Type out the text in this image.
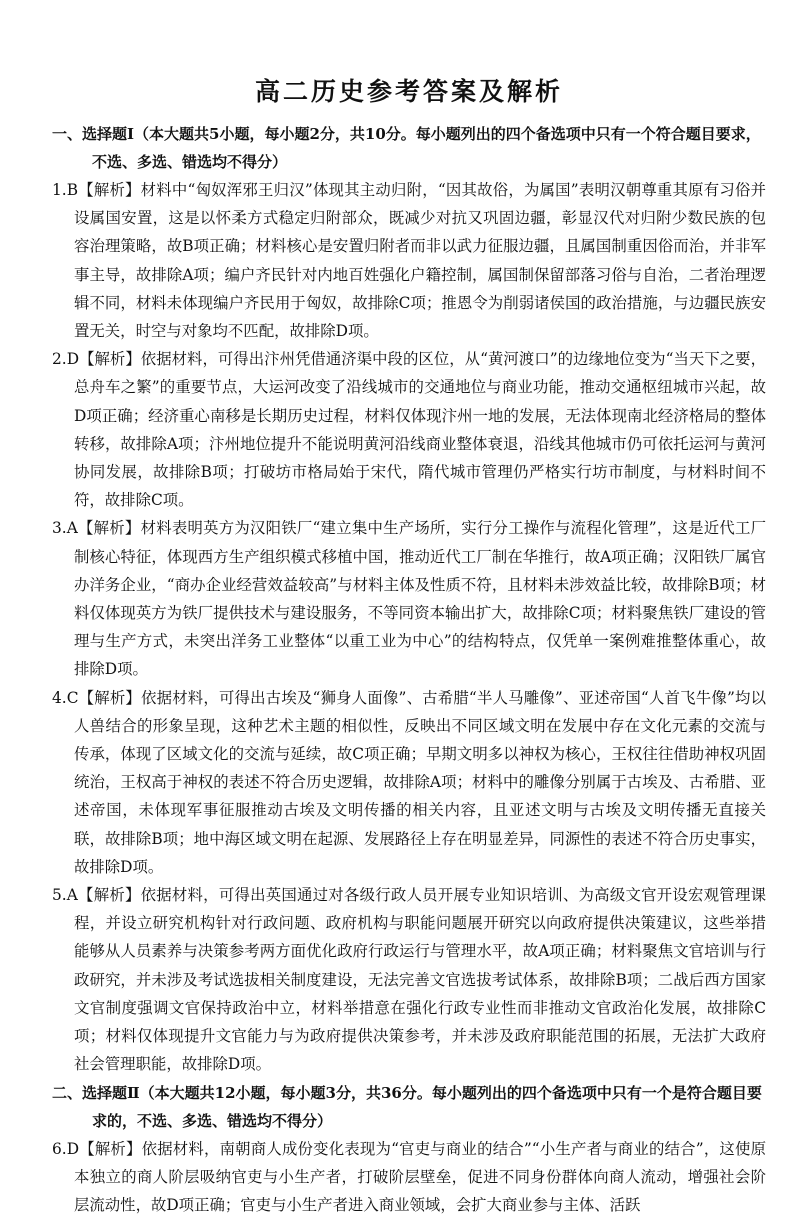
高二历史参考答案及解析

一、选择题Ⅰ（本大题共5小题，每小题2分，共10分。每小题列出的四个备选项中只有一个符合题目要求，不选、多选、错选均不得分）

1.B【解析】材料中“匈奴浑邪王归汉”体现其主动归附，“因其故俗，为属国”表明汉朝尊重其原有习俗并设属国安置，这是以怀柔方式稳定归附部众，既减少对抗又巩固边疆，彰显汉代对归附少数民族的包容治理策略，故B项正确；材料核心是安置归附者而非以武力征服边疆，且属国制重因俗而治，并非军事主导，故排除A项；编户齐民针对内地百姓强化户籍控制，属国制保留部落习俗与自治，二者治理逻辑不同，材料未体现编户齐民用于匈奴，故排除C项；推恩令为削弱诸侯国的政治措施，与边疆民族安置无关，时空与对象均不匹配，故排除D项。

2.D【解析】依据材料，可得出汴州凭借通济渠中段的区位，从“黄河渡口”的边缘地位变为“当天下之要，总舟车之繁”的重要节点，大运河改变了沿线城市的交通地位与商业功能，推动交通枢纽城市兴起，故D项正确；经济重心南移是长期历史过程，材料仅体现汴州一地的发展，无法体现南北经济格局的整体转移，故排除A项；汴州地位提升不能说明黄河沿线商业整体衰退，沿线其他城市仍可依托运河与黄河协同发展，故排除B项；打破坊市格局始于宋代，隋代城市管理仍严格实行坊市制度，与材料时间不符，故排除C项。

3.A【解析】材料表明英方为汉阳铁厂“建立集中生产场所，实行分工操作与流程化管理”，这是近代工厂制核心特征，体现西方生产组织模式移植中国，推动近代工厂制在华推行，故A项正确；汉阳铁厂属官办洋务企业，“商办企业经营效益较高”与材料主体及性质不符，且材料未涉效益比较，故排除B项；材料仅体现英方为铁厂提供技术与建设服务，不等同资本输出扩大，故排除C项；材料聚焦铁厂建设的管理与生产方式，未突出洋务工业整体“以重工业为中心”的结构特点，仅凭单一案例难推整体重心，故排除D项。

4.C【解析】依据材料，可得出古埃及“狮身人面像”、古希腊“半人马雕像”、亚述帝国“人首飞牛像”均以人兽结合的形象呈现，这种艺术主题的相似性，反映出不同区域文明在发展中存在文化元素的交流与传承，体现了区域文化的交流与延续，故C项正确；早期文明多以神权为核心，王权往往借助神权巩固统治，王权高于神权的表述不符合历史逻辑，故排除A项；材料中的雕像分别属于古埃及、古希腊、亚述帝国，未体现军事征服推动古埃及文明传播的相关内容，且亚述文明与古埃及文明传播无直接关联，故排除B项；地中海区域文明在起源、发展路径上存在明显差异，同源性的表述不符合历史事实，故排除D项。

5.A【解析】依据材料，可得出英国通过对各级行政人员开展专业知识培训、为高级文官开设宏观管理课程，并设立研究机构针对行政问题、政府机构与职能问题展开研究以向政府提供决策建议，这些举措能够从人员素养与决策参考两方面优化政府行政运行与管理水平，故A项正确；材料聚焦文官培训与行政研究，并未涉及考试选拔相关制度建设，无法完善文官选拔考试体系，故排除B项；二战后西方国家文官制度强调文官保持政治中立，材料举措意在强化行政专业性而非推动文官政治化发展，故排除C项；材料仅体现提升文官能力与为政府提供决策参考，并未涉及政府职能范围的拓展，无法扩大政府社会管理职能，故排除D项。

二、选择题Ⅱ（本大题共12小题，每小题3分，共36分。每小题列出的四个备选项中只有一个是符合题目要求的，不选、多选、错选均不得分）

6.D【解析】依据材料，南朝商人成份变化表现为“官吏与商业的结合”“小生产者与商业的结合”，这使原本独立的商人阶层吸纳官吏与小生产者，打破阶层壁垒，促进不同身份群体向商人流动，增强社会阶层流动性，故D项正确；官吏与小生产者进入商业领域，会扩大商业参与主体、活跃
